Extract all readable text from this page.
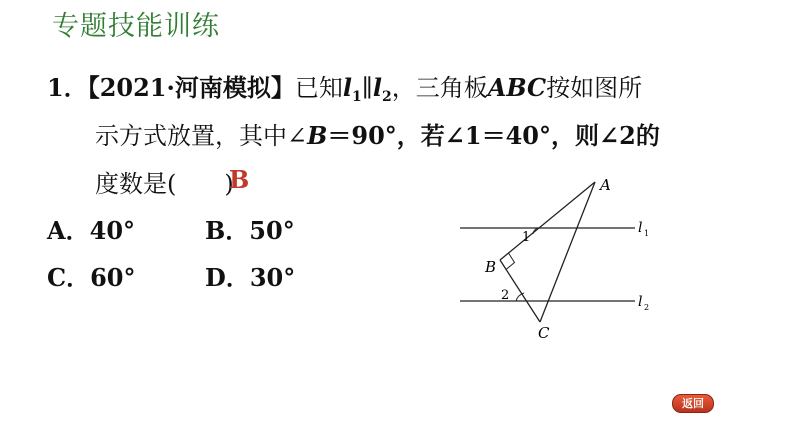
专题技能训练
1．【2021·河南模拟】已知$l_1\parallel l_2$，三角板ABC按如图所
示方式放置，其中∠B＝90°，若∠1＝40°，则∠2的
度数是(　　)
B
A．40°	B．50°
C．60°	D．30°
A
B
C
1
2
l 1
l 2
返回
